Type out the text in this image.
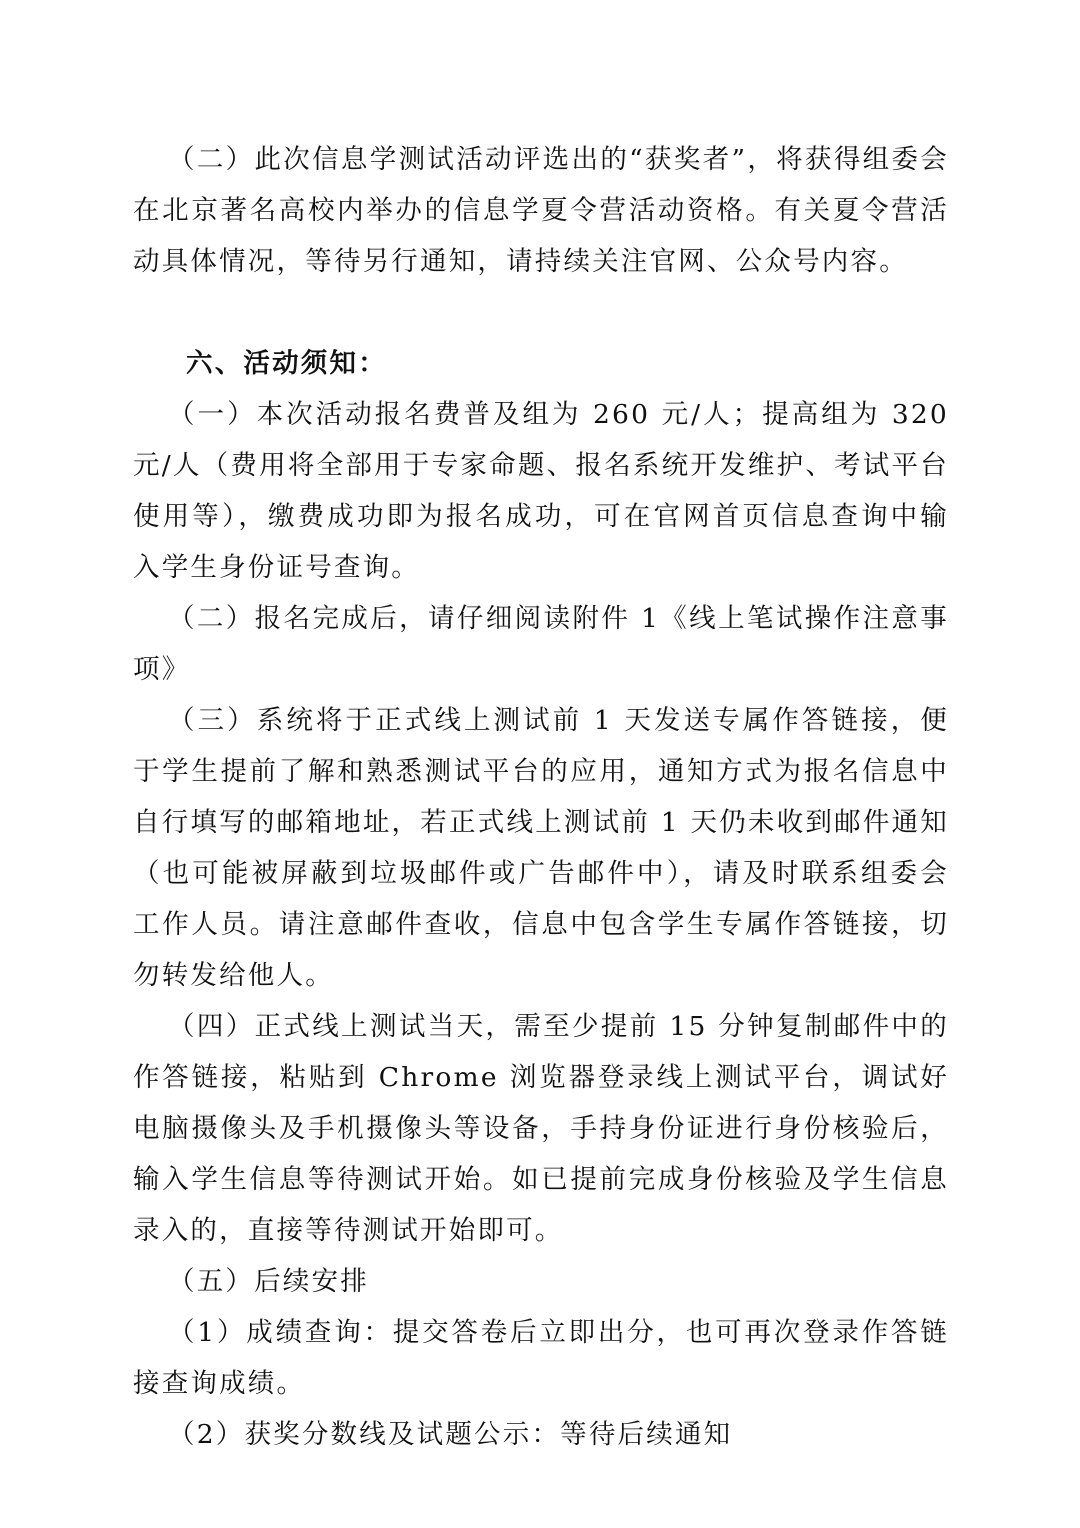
（二）此次信息学测试活动评选出的“获奖者”，将获得组委会在北京著名高校内举办的信息学夏令营活动资格。有关夏令营活动具体情况，等待另行通知，请持续关注官网、公众号内容。

六、活动须知：

（一）本次活动报名费普及组为 260 元/人；提高组为 320 元/人（费用将全部用于专家命题、报名系统开发维护、考试平台使用等），缴费成功即为报名成功，可在官网首页信息查询中输入学生身份证号查询。

（二）报名完成后，请仔细阅读附件 1《线上笔试操作注意事项》

（三）系统将于正式线上测试前 1 天发送专属作答链接，便于学生提前了解和熟悉测试平台的应用，通知方式为报名信息中自行填写的邮箱地址，若正式线上测试前 1 天仍未收到邮件通知（也可能被屏蔽到垃圾邮件或广告邮件中），请及时联系组委会工作人员。请注意邮件查收，信息中包含学生专属作答链接，切勿转发给他人。

（四）正式线上测试当天，需至少提前 15 分钟复制邮件中的作答链接，粘贴到 Chrome 浏览器登录线上测试平台，调试好电脑摄像头及手机摄像头等设备，手持身份证进行身份核验后，输入学生信息等待测试开始。如已提前完成身份核验及学生信息录入的，直接等待测试开始即可。

（五）后续安排

（1）成绩查询：提交答卷后立即出分，也可再次登录作答链接查询成绩。

（2）获奖分数线及试题公示：等待后续通知
